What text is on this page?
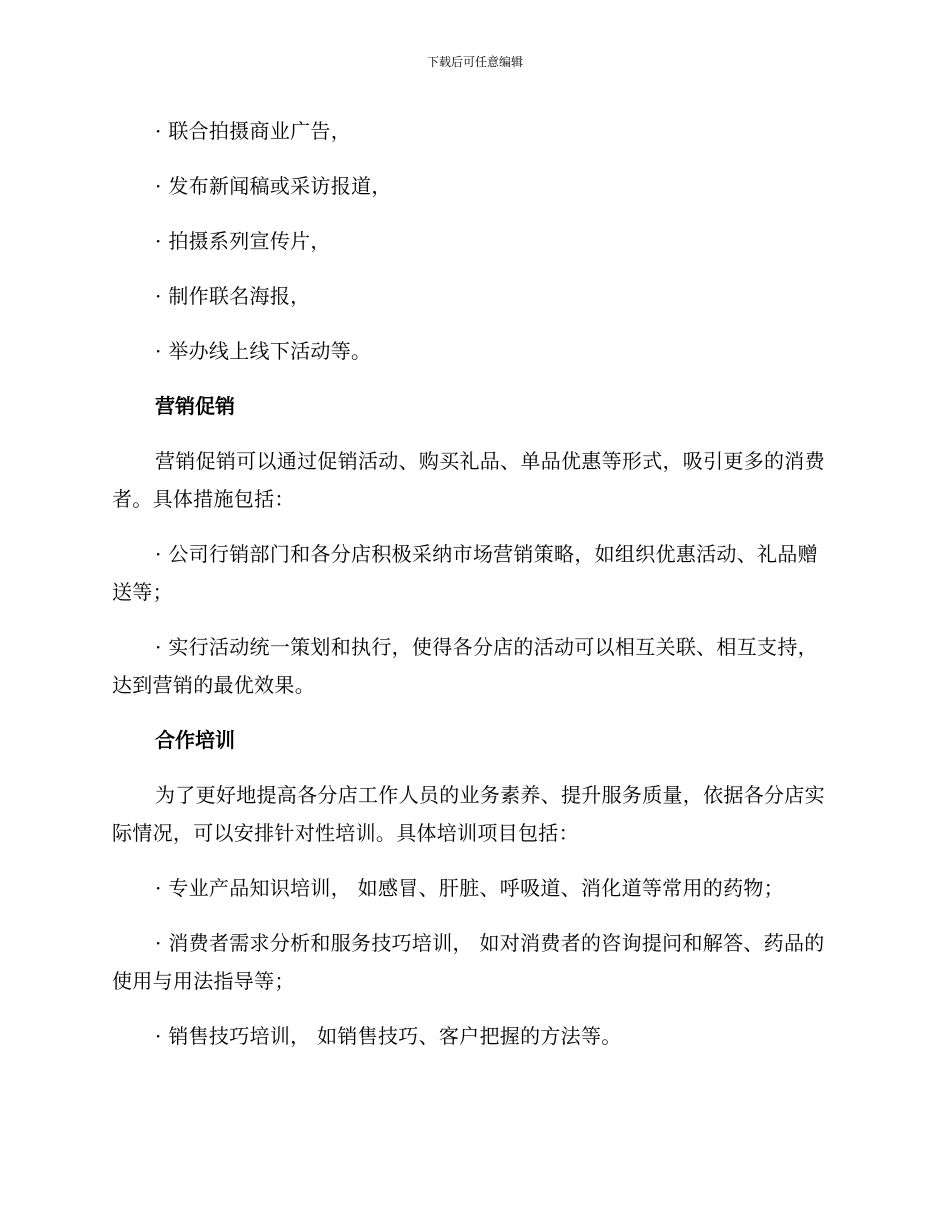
下载后可任意编辑

· 联合拍摄商业广告，

· 发布新闻稿或采访报道，

· 拍摄系列宣传片，

· 制作联名海报，

· 举办线上线下活动等。

营销促销

营销促销可以通过促销活动、购买礼品、单品优惠等形式，吸引更多的消费者。具体措施包括：

· 公司行销部门和各分店积极采纳市场营销策略，如组织优惠活动、礼品赠送等；

· 实行活动统一策划和执行，使得各分店的活动可以相互关联、相互支持，达到营销的最优效果。

合作培训

为了更好地提高各分店工作人员的业务素养、提升服务质量，依据各分店实际情况，可以安排针对性培训。具体培训项目包括：

· 专业产品知识培训， 如感冒、肝脏、呼吸道、消化道等常用的药物；

· 消费者需求分析和服务技巧培训， 如对消费者的咨询提问和解答、药品的使用与用法指导等；

· 销售技巧培训， 如销售技巧、客户把握的方法等。
